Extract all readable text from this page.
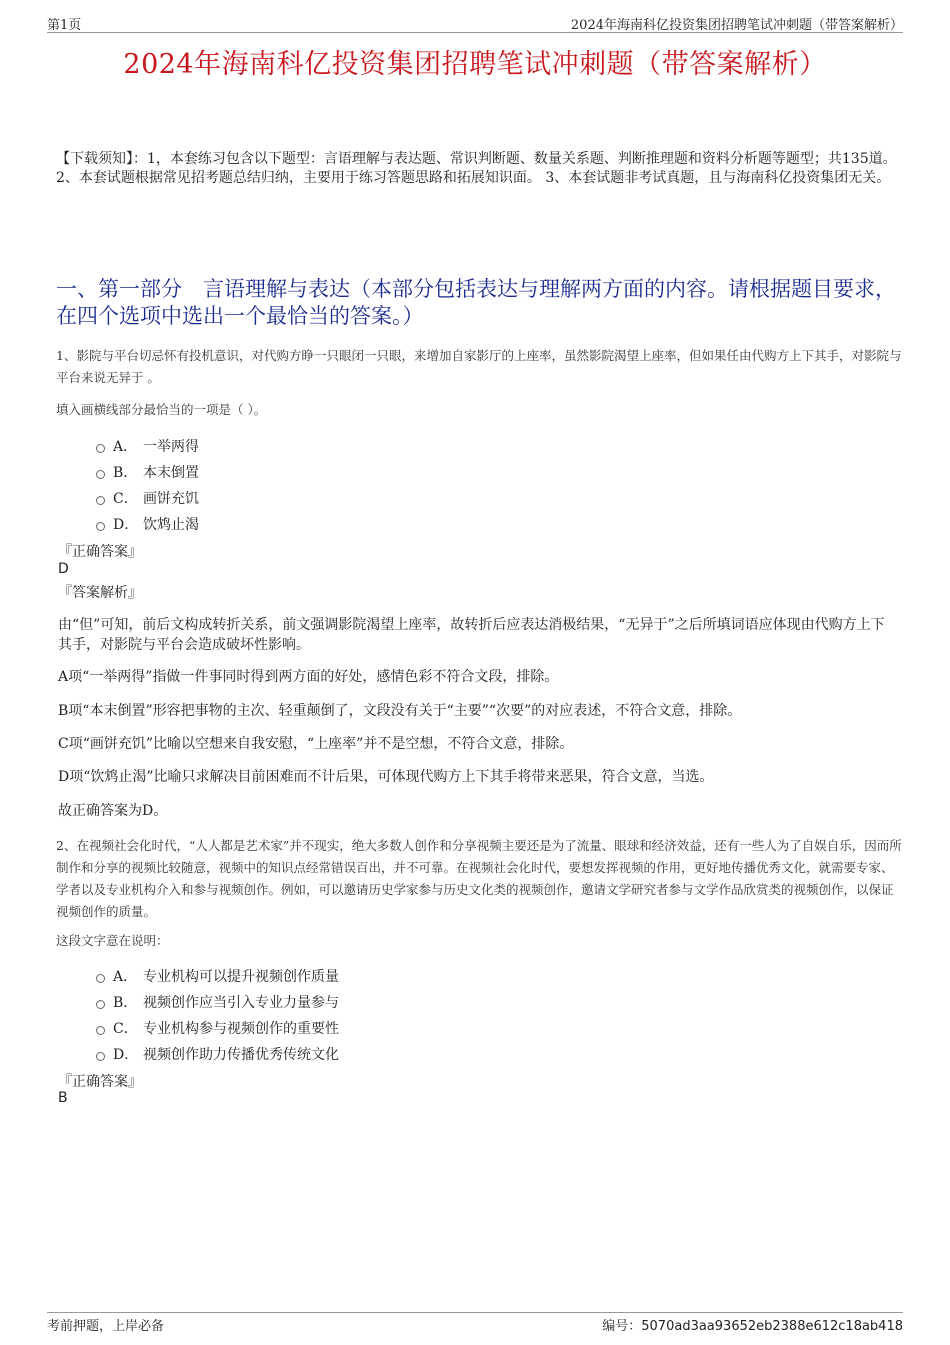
第1页	2024年海南科亿投资集团招聘笔试冲刺题（带答案解析）
2024年海南科亿投资集团招聘笔试冲刺题（带答案解析）
【下载须知】：1，本套练习包含以下题型：言语理解与表达题、常识判断题、数量关系题、判断推理题和资料分析题等题型；共135道。 2、本套试题根据常见招考题总结归纳，主要用于练习答题思路和拓展知识面。 3、本套试题非考试真题，且与海南科亿投资集团无关。
一、第一部分　言语理解与表达（本部分包括表达与理解两方面的内容。请根据题目要求，在四个选项中选出一个最恰当的答案。）
1、影院与平台切忌怀有投机意识，对代购方睁一只眼闭一只眼，来增加自家影厅的上座率，虽然影院渴望上座率，但如果任由代购方上下其手，对影院与平台来说无异于 。
填入画横线部分最恰当的一项是（ ）。
A． 一举两得
B． 本末倒置
C． 画饼充饥
D． 饮鸩止渴
『正确答案』
D
『答案解析』
由“但”可知，前后文构成转折关系，前文强调影院渴望上座率，故转折后应表达消极结果，“无异于”之后所填词语应体现由代购方上下其手，对影院与平台会造成破坏性影响。
A项“一举两得”指做一件事同时得到两方面的好处，感情色彩不符合文段，排除。
B项“本末倒置”形容把事物的主次、轻重颠倒了，文段没有关于“主要”“次要”的对应表述，不符合文意，排除。
C项“画饼充饥”比喻以空想来自我安慰，“上座率”并不是空想，不符合文意，排除。
D项“饮鸩止渴”比喻只求解决目前困难而不计后果，可体现代购方上下其手将带来恶果，符合文意，当选。
故正确答案为D。
2、在视频社会化时代，“人人都是艺术家”并不现实，绝大多数人创作和分享视频主要还是为了流量、眼球和经济效益，还有一些人为了自娱自乐，因而所制作和分享的视频比较随意，视频中的知识点经常错误百出，并不可靠。在视频社会化时代，要想发挥视频的作用，更好地传播优秀文化，就需要专家、学者以及专业机构介入和参与视频创作。例如，可以邀请历史学家参与历史文化类的视频创作，邀请文学研究者参与文学作品欣赏类的视频创作，以保证视频创作的质量。
这段文字意在说明：
A． 专业机构可以提升视频创作质量
B． 视频创作应当引入专业力量参与
C． 专业机构参与视频创作的重要性
D． 视频创作助力传播优秀传统文化
『正确答案』
B
考前押题，上岸必备	编号：5070ad3aa93652eb2388e612c18ab418
